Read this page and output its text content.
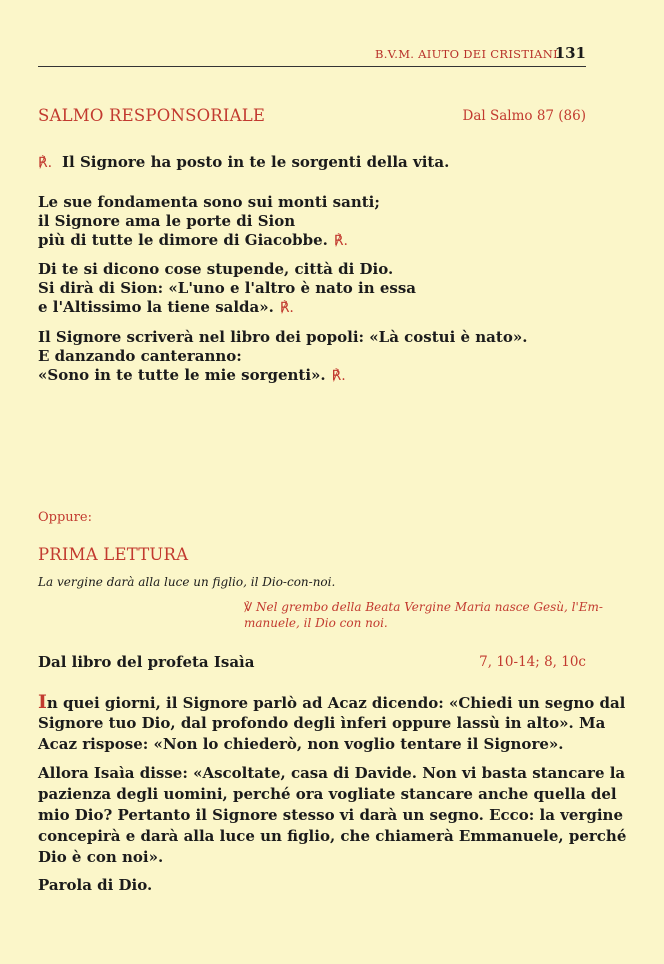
B.V.M. AIUTO DEI CRISTIANI
131
SALMO RESPONSORIALE	Dal Salmo 87 (86)
℟. Il Signore ha posto in te le sorgenti della vita.
Le sue fondamenta sono sui monti santi;
il Signore ama le porte di Sion
più di tutte le dimore di Giacobbe. ℟.
Di te si dicono cose stupende, città di Dio.
Si dirà di Sion: «L'uno e l'altro è nato in essa
e l'Altissimo la tiene salda». ℟.
Il Signore scriverà nel libro dei popoli: «Là costui è nato».
E danzando canteranno:
«Sono in te tutte le mie sorgenti». ℟.
Oppure:
PRIMA LETTURA
La vergine darà alla luce un figlio, il Dio-con-noi.
℣ Nel grembo della Beata Vergine Maria nasce Gesù, l'Em-
manuele, il Dio con noi.
Dal libro del profeta Isaìa	7, 10-14; 8, 10c
In quei giorni, il Signore parlò ad Acaz dicendo: «Chiedi un segno dal
Signore tuo Dio, dal profondo degli ìnferi oppure lassù in alto». Ma
Acaz rispose: «Non lo chiederò, non voglio tentare il Signore».
Allora Isaìa disse: «Ascoltate, casa di Davide. Non vi basta stancare la
pazienza degli uomini, perché ora vogliate stancare anche quella del
mio Dio? Pertanto il Signore stesso vi darà un segno. Ecco: la vergine
concepirà e darà alla luce un figlio, che chiamerà Emmanuele, perché
Dio è con noi».
Parola di Dio.
